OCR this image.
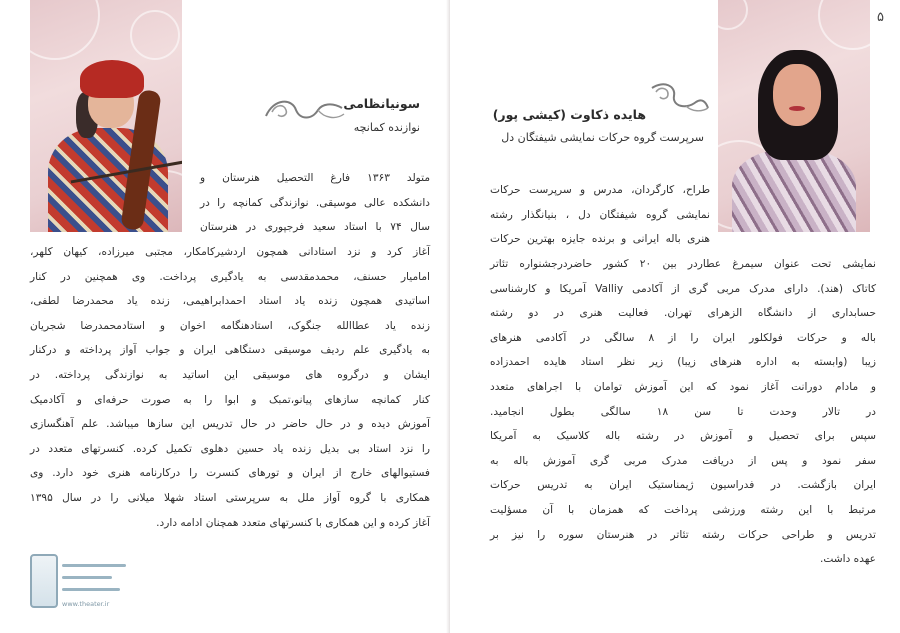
سونیانظامی
نوازنده کمانچه
متولد ۱۳۶۳ فارغ التحصیل هنرستان و
دانشکده عالی موسیقی. نوازندگی کمانچه را در
سال ۷۴ با استاد سعید فرجپوری در هنرستان
آغاز کرد و نزد استادانی همچون اردشیرکامکار، مجتبی میرزاده، کیهان کلهر،
امامیار حسنف، محمدمقدسی به یادگیری پرداخت. وی همچنین در کنار
اساتیدی همچون زنده یاد استاد احمدابراهیمی، زنده یاد محمدرضا لطفی،
زنده یاد عطاالله جنگوک، استادهنگامه اخوان و استادمحمدرضا شجریان
به یادگیری علم ردیف موسیقی دستگاهی ایران و جواب آواز پرداخته و درکنار
ایشان و درگروه های موسیقی این اساتید به نوازندگی پرداخته. در
کنار کمانچه سازهای پیانو،تمبک و ابوا را به صورت حرفه‌ای و آکادمیک
آموزش دیده و در حال حاضر در حال تدریس این سازها میباشد. علم آهنگسازی
را نزد استاد بی بدیل زنده یاد حسین دهلوی تکمیل کرده. کنسرتهای متعدد در
فستیوالهای خارج از ایران و تورهای کنسرت را درکارنامه هنری خود دارد. وی
همکاری با گروه آواز ملل به سرپرستی استاد شهلا میلانی را در سال ۱۳۹۵
آغاز کرده و این همکاری با کنسرتهای متعدد همچنان ادامه دارد.
www.theater.ir
۵
هایده ذکاوت (کیشی پور)
سرپرست گروه حرکات نمایشی شیفتگان دل
طراح، کارگردان، مدرس و سرپرست حرکات
نمایشی گروه شیفتگان دل ، بنیانگذار رشته
هنری باله ایرانی و برنده جایزه بهترین حرکات
نمایشی تحت عنوان سیمرغ عطاردر بین ۲۰ کشور حاضردرجشنواره تئاتر
کاتاک (هند). دارای مدرک مربی گری از آکادمی Valliy آمریکا و کارشناسی
حسابداری از دانشگاه الزهرای تهران. فعالیت هنری در دو رشته
باله و حرکات فولکلور ایران را از ۸ سالگی در آکادمی هنرهای
زیبا (وابسته به اداره هنرهای زیبا) زیر نظر استاد هایده احمدزاده
و مادام دورانت آغاز نمود که این آموزش توامان با اجراهای متعدد
در تالار وحدت تا سن ۱۸ سالگی بطول انجامید.
سپس برای تحصیل و آموزش در رشته باله کلاسیک به آمریکا
سفر نمود و پس از دریافت مدرک مربی گری آموزش باله به
ایران بازگشت. در فدراسیون ژیمناستیک ایران به تدریس حرکات
مرتبط با این رشته ورزشی پرداخت که همزمان با آن مسؤلیت
تدریس و طراحی حرکات رشته تئاتر در هنرستان سوره را نیز بر
عهده داشت.
